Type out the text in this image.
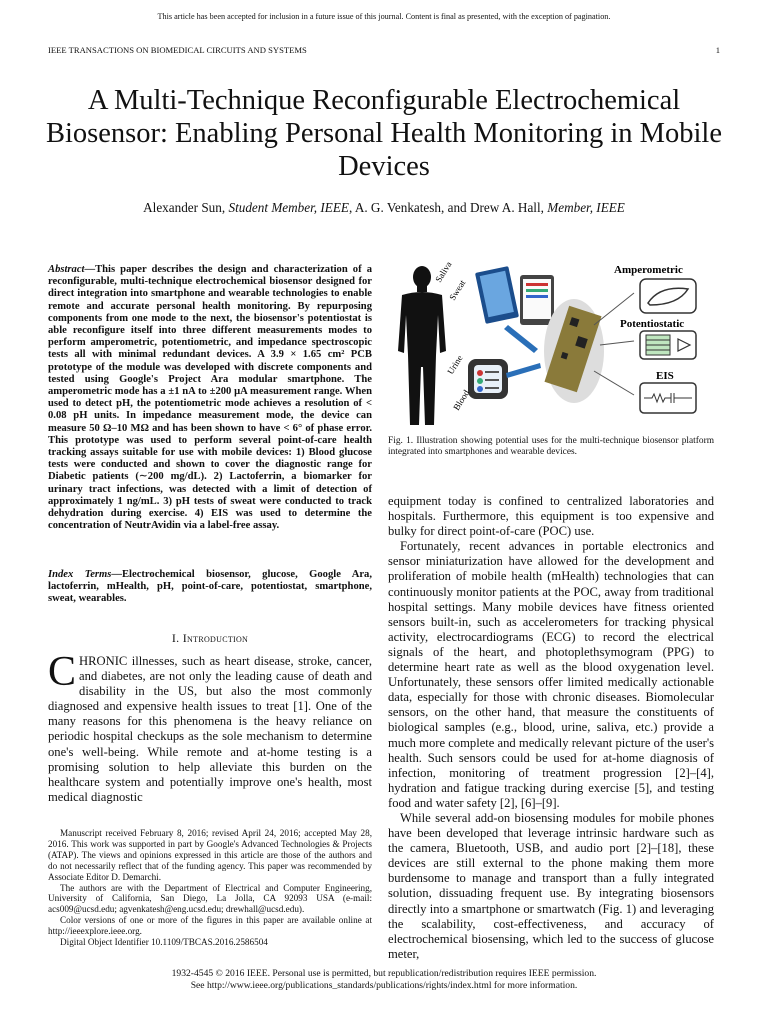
This article has been accepted for inclusion in a future issue of this journal. Content is final as presented, with the exception of pagination.
IEEE TRANSACTIONS ON BIOMEDICAL CIRCUITS AND SYSTEMS	1
A Multi-Technique Reconfigurable Electrochemical Biosensor: Enabling Personal Health Monitoring in Mobile Devices
Alexander Sun, Student Member, IEEE, A. G. Venkatesh, and Drew A. Hall, Member, IEEE
Abstract—This paper describes the design and characterization of a reconfigurable, multi-technique electrochemical biosensor designed for direct integration into smartphone and wearable technologies to enable remote and accurate personal health monitoring. By repurposing components from one mode to the next, the biosensor's potentiostat is able reconfigure itself into three different measurements modes to perform amperometric, potentiometric, and impedance spectroscopic tests all with minimal redundant devices. A 3.9 × 1.65 cm² PCB prototype of the module was developed with discrete components and tested using Google's Project Ara modular smartphone. The amperometric mode has a ±1 nA to ±200 μA measurement range. When used to detect pH, the potentiometric mode achieves a resolution of < 0.08 pH units. In impedance measurement mode, the device can measure 50 Ω–10 MΩ and has been shown to have < 6° of phase error. This prototype was used to perform several point-of-care health tracking assays suitable for use with mobile devices: 1) Blood glucose tests were conducted and shown to cover the diagnostic range for Diabetic patients (∼200 mg/dL). 2) Lactoferrin, a biomarker for urinary tract infections, was detected with a limit of detection of approximately 1 ng/mL. 3) pH tests of sweat were conducted to track dehydration during exercise. 4) EIS was used to determine the concentration of NeutrAvidin via a label-free assay.
Index Terms—Electrochemical biosensor, glucose, Google Ara, lactoferrin, mHealth, pH, point-of-care, potentiostat, smartphone, sweat, wearables.
I. Introduction
CHRONIC illnesses, such as heart disease, stroke, cancer, and diabetes, are not only the leading cause of death and disability in the US, but also the most commonly diagnosed and expensive health issues to treat [1]. One of the many reasons for this phenomena is the heavy reliance on periodic hospital checkups as the sole mechanism to determine one's well-being. While remote and at-home testing is a promising solution to help alleviate this burden on the healthcare system and potentially improve one's health, most medical diagnostic

Manuscript received February 8, 2016; revised April 24, 2016; accepted May 28, 2016. This work was supported in part by Google's Advanced Technologies & Projects (ATAP). The views and opinions expressed in this article are those of the authors and do not necessarily reflect that of the funding agency. This paper was recommended by Associate Editor D. Demarchi.

The authors are with the Department of Electrical and Computer Engineering, University of California, San Diego, La Jolla, CA 92093 USA (e-mail: acs009@ucsd.edu; agvenkatesh@eng.ucsd.edu; drewhall@ucsd.edu).

Color versions of one or more of the figures in this paper are available online at http://ieeexplore.ieee.org.

Digital Object Identifier 10.1109/TBCAS.2016.2586504

Saliva
Sweat
Urine
Blood
Amperometric
Potentiostatic
EIS
Fig. 1. Illustration showing potential uses for the multi-technique biosensor platform integrated into smartphones and wearable devices.

equipment today is confined to centralized laboratories and hospitals. Furthermore, this equipment is too expensive and bulky for direct point-of-care (POC) use.

Fortunately, recent advances in portable electronics and sensor miniaturization have allowed for the development and proliferation of mobile health (mHealth) technologies that can continuously monitor patients at the POC, away from traditional hospital settings. Many mobile devices have fitness oriented sensors built-in, such as accelerometers for tracking physical activity, electrocardiograms (ECG) to record the electrical signals of the heart, and photoplethsymogram (PPG) to determine heart rate as well as the blood oxygenation level. Unfortunately, these sensors offer limited medically actionable data, especially for those with chronic diseases. Biomolecular sensors, on the other hand, that measure the constituents of biological samples (e.g., blood, urine, saliva, etc.) provide a much more complete and medically relevant picture of the user's health. Such sensors could be used for at-home diagnosis of infection, monitoring of treatment progression [2]–[4], hydration and fatigue tracking during exercise [5], and testing food and water safety [2], [6]–[9].

While several add-on biosensing modules for mobile phones have been developed that leverage intrinsic hardware such as the camera, Bluetooth, USB, and audio port [2]–[18], these devices are still external to the phone making them more burdensome to manage and transport than a fully integrated solution, dissuading frequent use. By integrating biosensors directly into a smartphone or smartwatch (Fig. 1) and leveraging the scalability, cost-effectiveness, and accuracy of electrochemical biosensing, which led to the success of glucose meter,

1932-4545 © 2016 IEEE. Personal use is permitted, but republication/redistribution requires IEEE permission.
See http://www.ieee.org/publications_standards/publications/rights/index.html for more information.
